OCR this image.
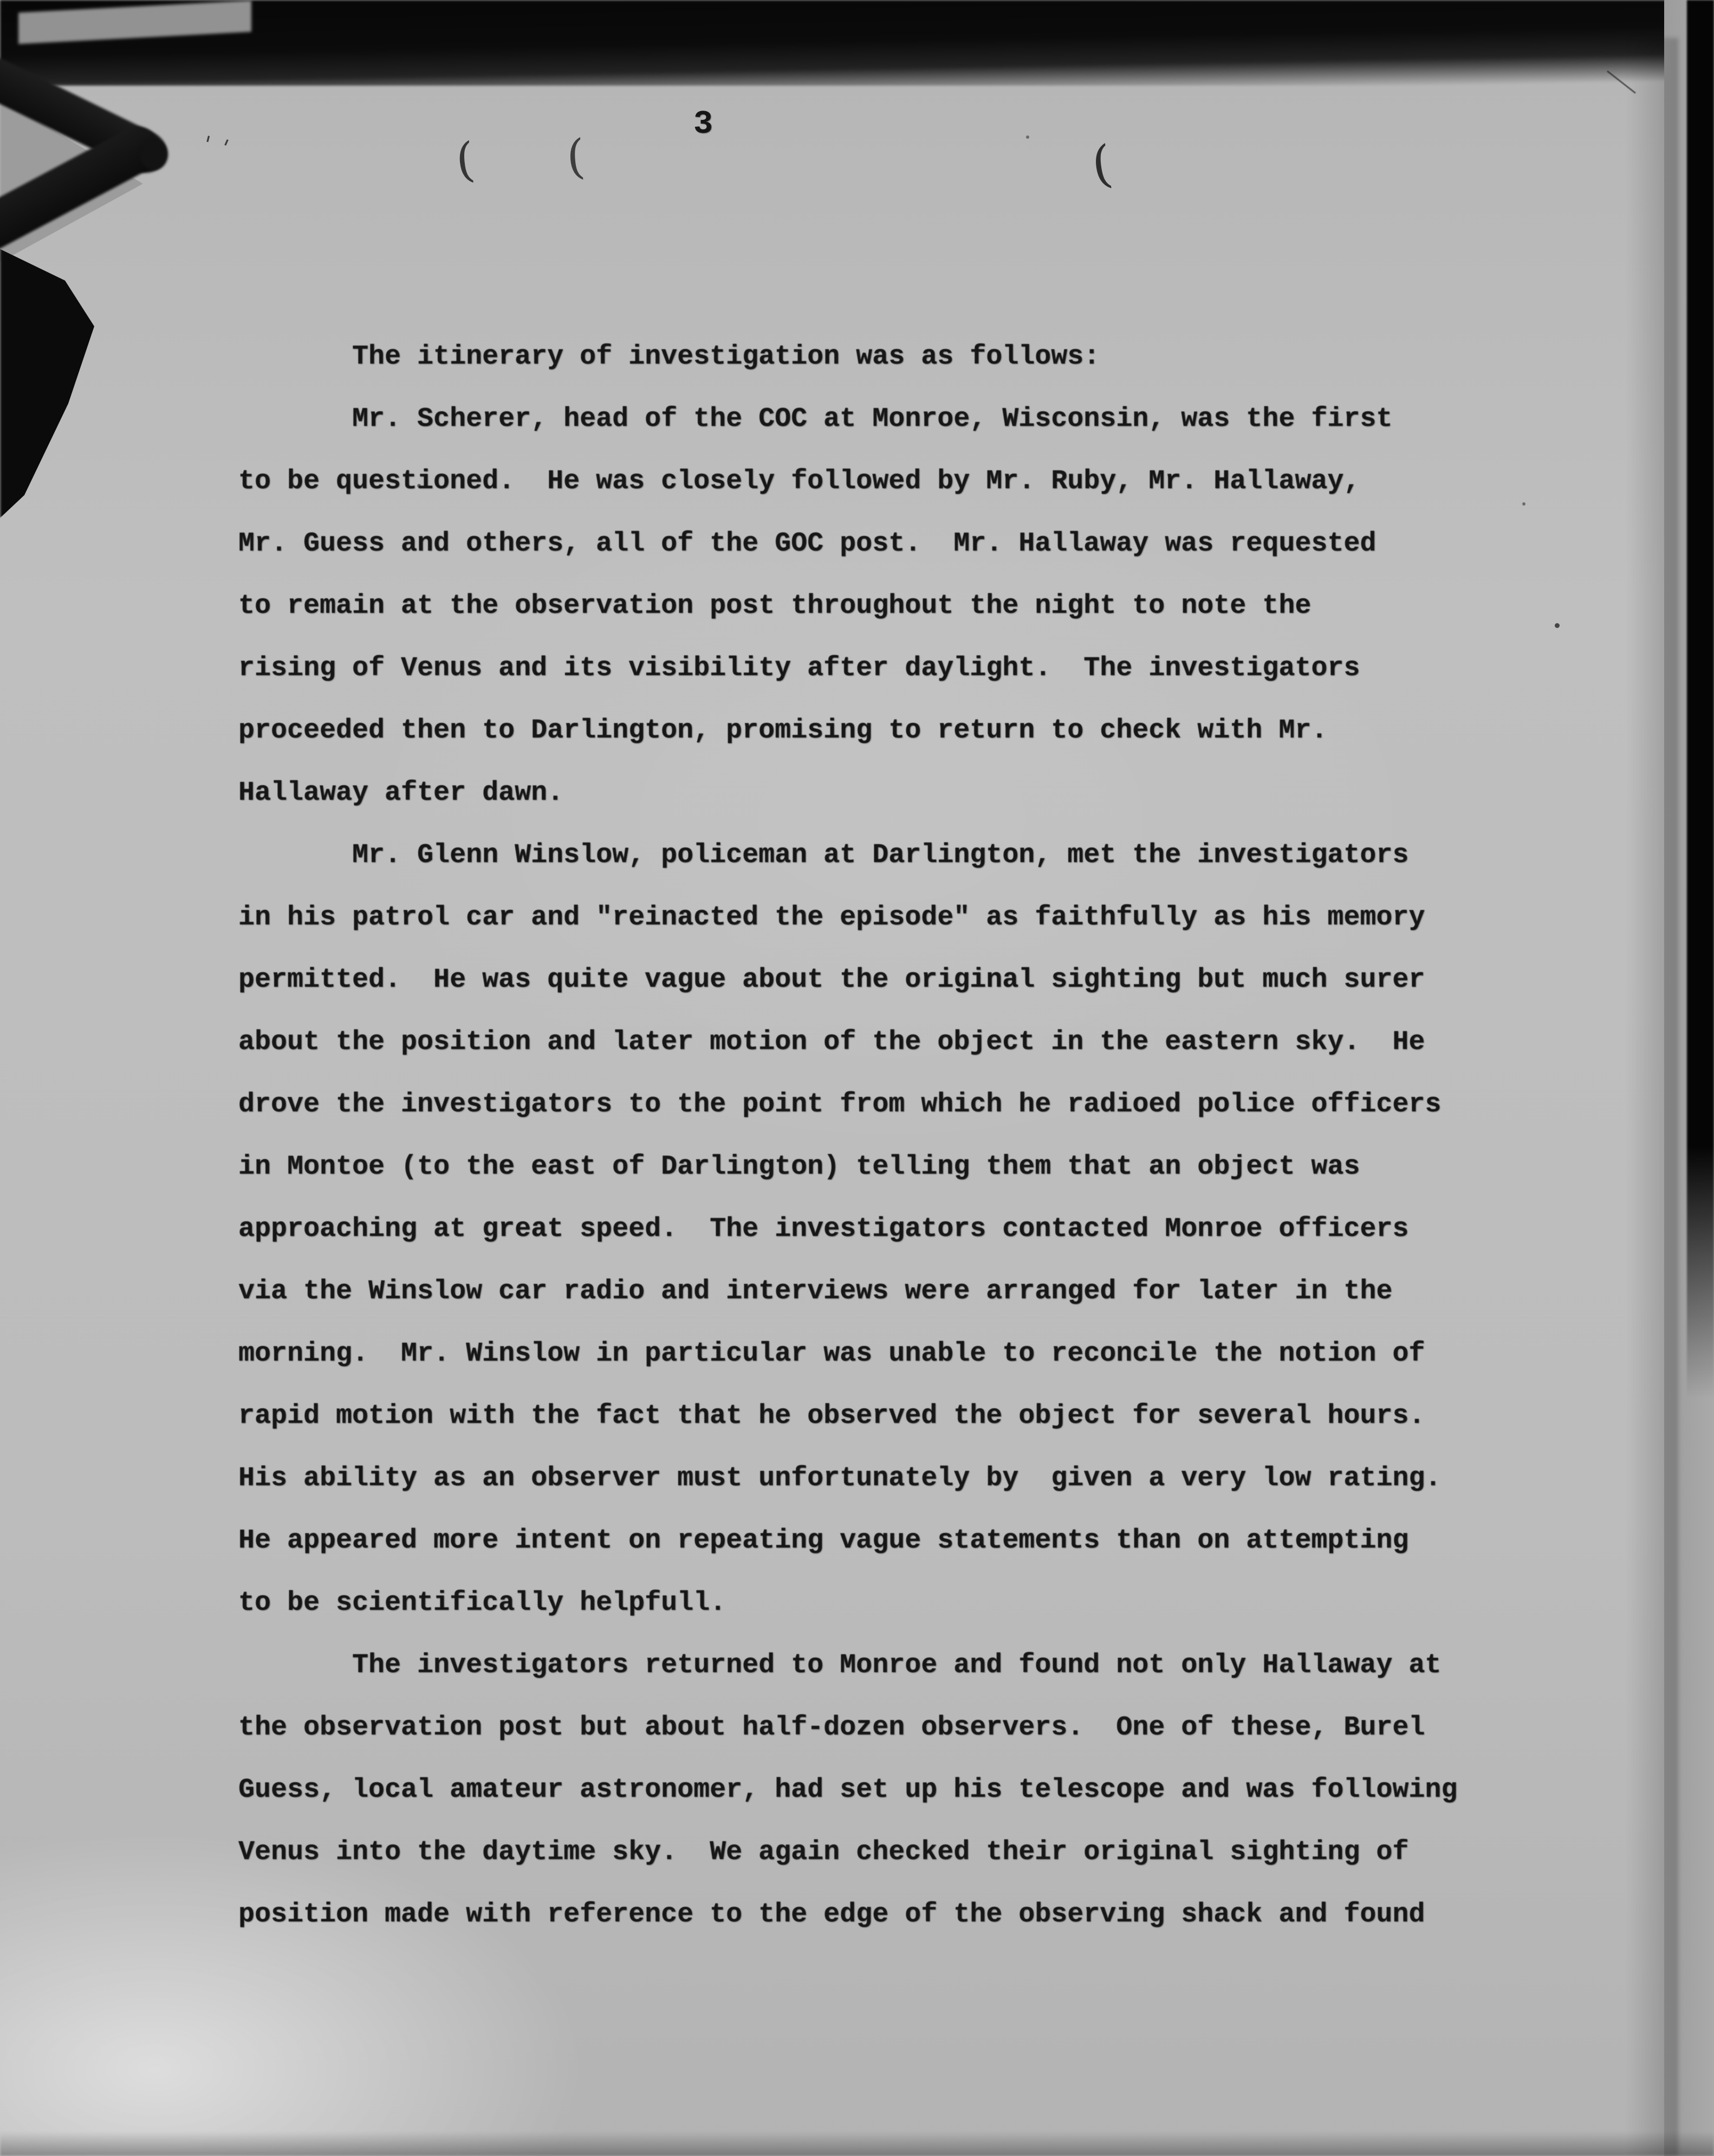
' '	( (	(
3
The itinerary of investigation was as follows:
Mr. Scherer, head of the COC at Monroe, Wisconsin, was the first
to be questioned.  He was closely followed by Mr. Ruby, Mr. Hallaway,
Mr. Guess and others, all of the GOC post.  Mr. Hallaway was requested
to remain at the observation post throughout the night to note the
rising of Venus and its visibility after daylight.  The investigators
proceeded then to Darlington, promising to return to check with Mr.
Hallaway after dawn.
Mr. Glenn Winslow, policeman at Darlington, met the investigators
in his patrol car and "reinacted the episode" as faithfully as his memory
permitted.  He was quite vague about the original sighting but much surer
about the position and later motion of the object in the eastern sky.  He
drove the investigators to the point from which he radioed police officers
in Montoe (to the east of Darlington) telling them that an object was
approaching at great speed.  The investigators contacted Monroe officers
via the Winslow car radio and interviews were arranged for later in the
morning.  Mr. Winslow in particular was unable to reconcile the notion of
rapid motion with the fact that he observed the object for several hours.
His ability as an observer must unfortunately by  given a very low rating.
He appeared more intent on repeating vague statements than on attempting
to be scientifically helpfull.
The investigators returned to Monroe and found not only Hallaway at
the observation post but about half-dozen observers.  One of these, Burel
Guess, local amateur astronomer, had set up his telescope and was following
Venus into the daytime sky.  We again checked their original sighting of
position made with reference to the edge of the observing shack and found
